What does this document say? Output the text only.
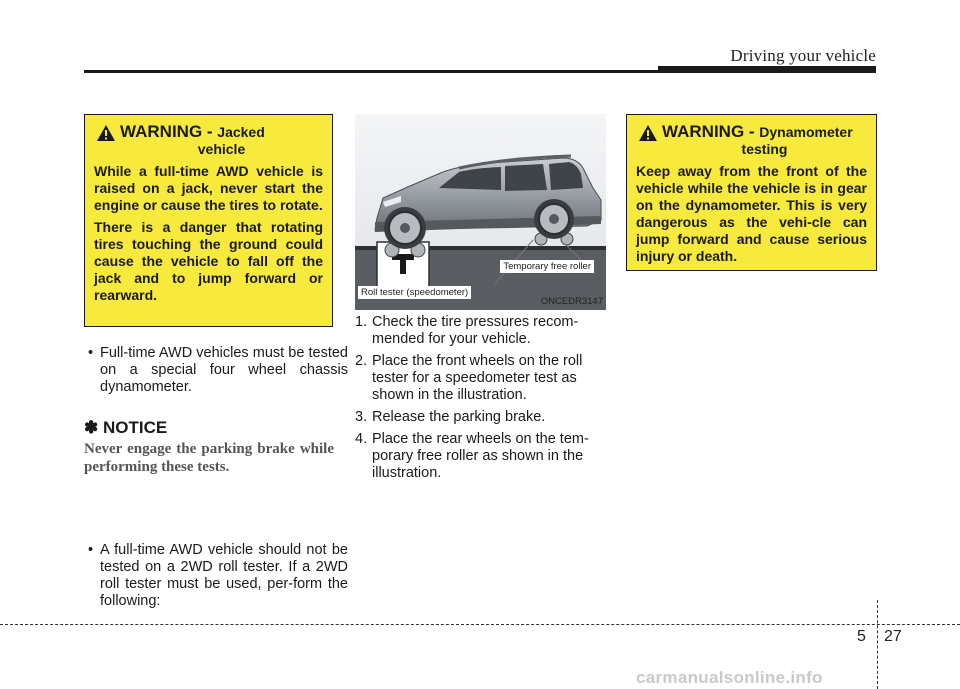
Driving your vehicle
WARNING - Jacked
vehicle

While a full-time AWD vehicle is raised on a jack, never start the engine or cause the tires to rotate.

There is a danger that rotating tires touching the ground could cause the vehicle to fall off the jack and to jump forward or rearward.

• Full-time AWD vehicles must be tested on a special four wheel chassis dynamometer.
✽ NOTICE
Never engage the parking brake while performing these tests.
• A full-time AWD vehicle should not be tested on a 2WD roll tester. If a 2WD roll tester must be used, per-form the following:
Temporary free roller
Roll tester (speedometer)
ONCEDR3147
1. Check the tire pressures recom-mended for your vehicle.
2. Place the front wheels on the roll tester for a speedometer test as shown in the illustration.
3. Release the parking brake.
4. Place the rear wheels on the tem-porary free roller as shown in the illustration.
WARNING - Dynamometer
testing

Keep away from the front of the vehicle while the vehicle is in gear on the dynamometer. This is very dangerous as the vehi-cle can jump forward and cause serious injury or death.

5 27
carmanualsonline.info
